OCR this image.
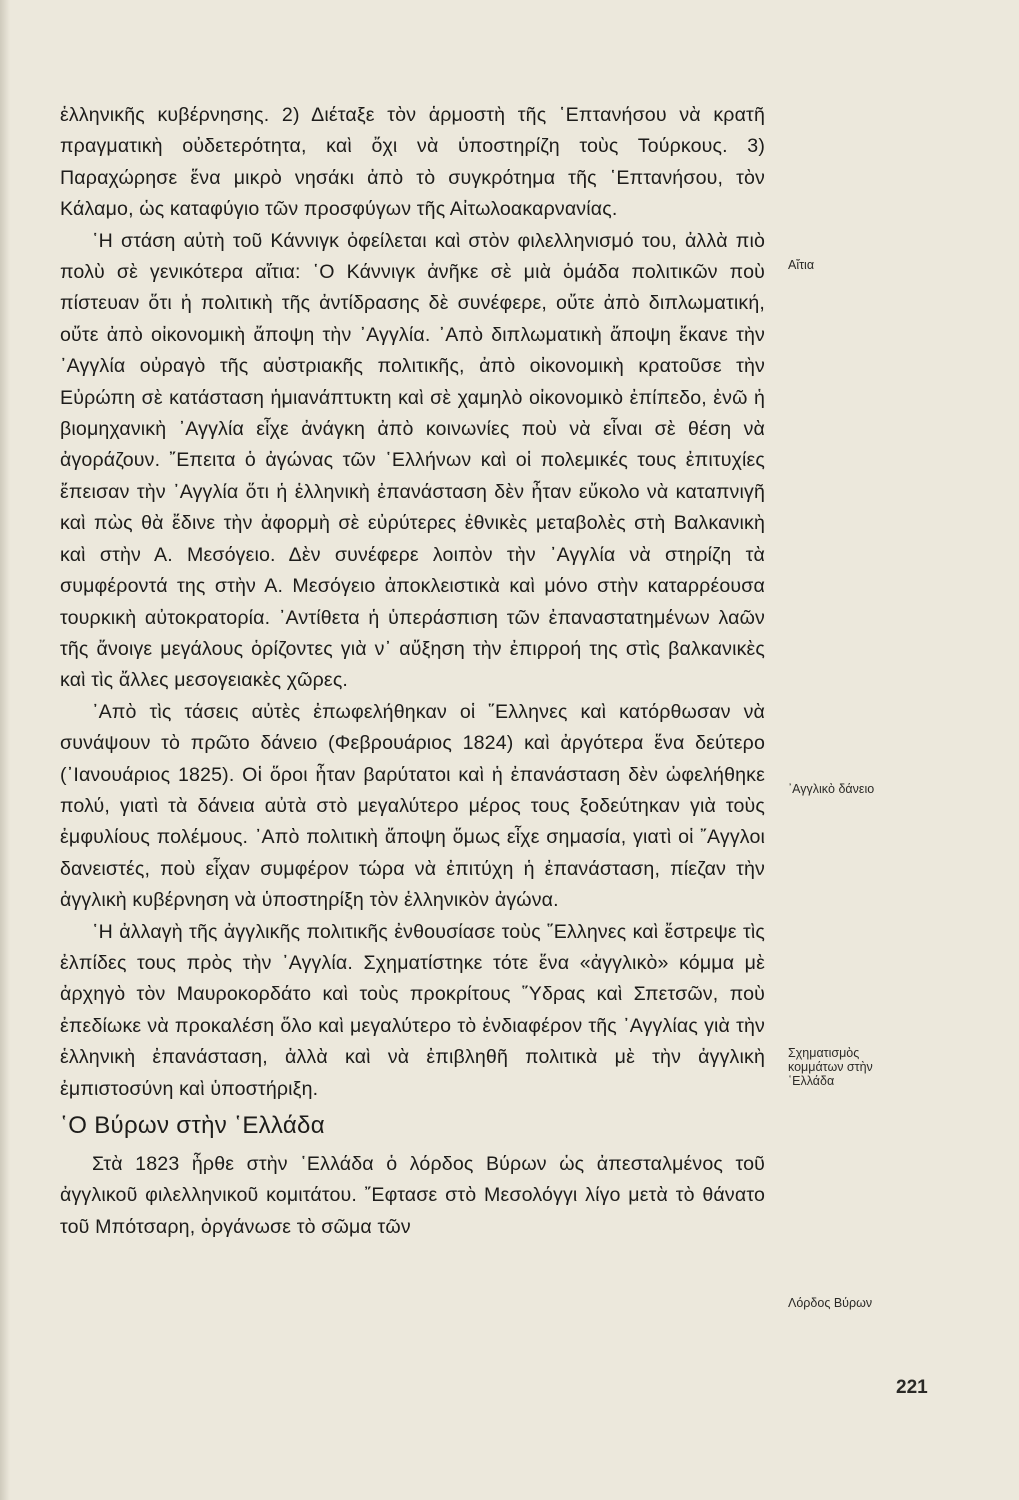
ἑλληνικῆς κυβέρνησης. 2) Διέταξε τὸν ἁρμοστὴ τῆς ῾Επτανήσου νὰ κρατῆ πραγματικὴ οὐδετερότητα, καὶ ὄχι νὰ ὑποστηρίζη τοὺς Τούρκους. 3) Παραχώρησε ἕνα μικρὸ νησάκι ἀπὸ τὸ συγκρότημα τῆς ῾Επτανήσου, τὸν Κάλαμο, ὡς καταφύγιο τῶν προσφύγων τῆς Αἰτωλοακαρνανίας.

῾Η στάση αὐτὴ τοῦ Κάννιγκ ὀφείλεται καὶ στὸν φιλελληνισμό του, ἀλλὰ πιὸ πολὺ σὲ γενικότερα αἴτια: ῾Ο Κάννιγκ ἀνῆκε σὲ μιὰ ὁμάδα πολιτικῶν ποὺ πίστευαν ὅτι ἡ πολιτικὴ τῆς ἀντίδρασης δὲ συνέφερε, οὔτε ἀπὸ διπλωματική, οὔτε ἀπὸ οἰκονομικὴ ἄποψη τὴν ᾽Αγγλία. ᾽Απὸ διπλωματικὴ ἄποψη ἔκανε τὴν ᾽Αγγλία οὐραγὸ τῆς αὐστριακῆς πολιτικῆς, ἀπὸ οἰκονομικὴ κρατοῦσε τὴν Εὐρώπη σὲ κατάσταση ἡμιανάπτυκτη καὶ σὲ χαμηλὸ οἰκονομικὸ ἐπίπεδο, ἐνῶ ἡ βιομηχανικὴ ᾽Αγγλία εἶχε ἀνάγκη ἀπὸ κοινωνίες ποὺ νὰ εἶναι σὲ θέση νὰ ἀγοράζουν. ῎Επειτα ὁ ἀγώνας τῶν ῾Ελλήνων καὶ οἱ πολεμικές τους ἐπιτυχίες ἔπεισαν τὴν ᾽Αγγλία ὅτι ἡ ἑλληνικὴ ἐπανάσταση δὲν ἦταν εὔκολο νὰ καταπνιγῆ καὶ πὼς θὰ ἔδινε τὴν ἀφορμὴ σὲ εὐρύτερες ἐθνικὲς μεταβολὲς στὴ Βαλκανικὴ καὶ στὴν Α. Μεσόγειο. Δὲν συνέφερε λοιπὸν τὴν ᾽Αγγλία νὰ στηρίζη τὰ συμφέροντά της στὴν Α. Μεσόγειο ἀποκλειστικὰ καὶ μόνο στὴν καταρρέουσα τουρκικὴ αὐτοκρατορία. ᾽Αντίθετα ἡ ὑπεράσπιση τῶν ἐπαναστατημένων λαῶν τῆς ἄνοιγε μεγάλους ὁρίζοντες γιὰ ν᾽ αὔξηση τὴν ἐπιρροή της στὶς βαλκανικὲς καὶ τὶς ἄλλες μεσογειακὲς χῶρες.

᾽Απὸ τὶς τάσεις αὐτὲς ἐπωφελήθηκαν οἱ ῞Ελληνες καὶ κατόρθωσαν νὰ συνάψουν τὸ πρῶτο δάνειο (Φεβρουάριος 1824) καὶ ἀργότερα ἕνα δεύτερο (᾽Ιανουάριος 1825). Οἱ ὅροι ἦταν βαρύτατοι καὶ ἡ ἐπανάσταση δὲν ὠφελήθηκε πολύ, γιατὶ τὰ δάνεια αὐτὰ στὸ μεγαλύτερο μέρος τους ξοδεύτηκαν γιὰ τοὺς ἐμφυλίους πολέμους. ᾽Απὸ πολιτικὴ ἄποψη ὅμως εἶχε σημασία, γιατὶ οἱ ῎Αγγλοι δανειστές, ποὺ εἶχαν συμφέρον τώρα νὰ ἐπιτύχη ἡ ἐπανάσταση, πίεζαν τὴν ἀγγλικὴ κυβέρνηση νὰ ὑποστηρίξη τὸν ἑλληνικὸν ἀγώνα.

῾Η ἀλλαγὴ τῆς ἀγγλικῆς πολιτικῆς ἐνθουσίασε τοὺς ῞Ελληνες καὶ ἔστρεψε τὶς ἐλπίδες τους πρὸς τὴν ᾽Αγγλία. Σχηματίστηκε τότε ἕνα «ἀγγλικὸ» κόμμα μὲ ἀρχηγὸ τὸν Μαυροκορδάτο καὶ τοὺς προκρίτους ῞Υδρας καὶ Σπετσῶν, ποὺ ἐπεδίωκε νὰ προκαλέση ὅλο καὶ μεγαλύτερο τὸ ἐνδιαφέρον τῆς ᾽Αγγλίας γιὰ τὴν ἑλληνικὴ ἐπανάσταση, ἀλλὰ καὶ νὰ ἐπιβληθῆ πολιτικὰ μὲ τὴν ἀγγλικὴ ἐμπιστοσύνη καὶ ὑποστήριξη.

῾Ο Βύρων στὴν ῾Ελλάδα

Στὰ 1823 ἦρθε στὴν ῾Ελλάδα ὁ λόρδος Βύρων ὡς ἀπεσταλμένος τοῦ ἀγγλικοῦ φιλελληνικοῦ κομιτάτου. ῎Εφτασε στὸ Μεσολόγγι λίγο μετὰ τὸ θάνατο τοῦ Μπότσαρη, ὀργάνωσε τὸ σῶμα τῶν

Αἴτια
᾽Αγγλικὸ δάνειο
Σχηματισμὸς κομμάτων στὴν ῾Ελλάδα
Λόρδος Βύρων
221
